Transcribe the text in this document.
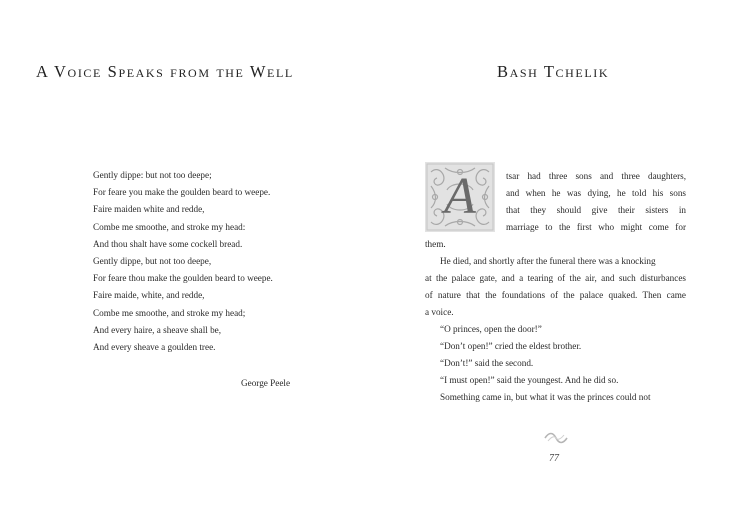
A Voice Speaks from the Well
Gently dippe: but not too deepe;
For feare you make the goulden beard to weepe.
Faire maiden white and redde,
Combe me smoothe, and stroke my head:
And thou shalt have some cockell bread.
Gently dippe, but not too deepe,
For feare thou make the goulden beard to weepe.
Faire maide, white, and redde,
Combe me smoothe, and stroke my head;
And every haire, a sheave shall be,
And every sheave a goulden tree.
George Peele
Bash Tchelik
A	tsar had three sons and three daughters,
and when he was dying, he told his sons
that they should give their sisters in
marriage to the first who might come for
them.
He died, and shortly after the funeral there was a knocking
at the palace gate, and a tearing of the air, and such disturbances
of nature that the foundations of the palace quaked. Then came
a voice.
“O princes, open the door!”
“Don’t open!” cried the eldest brother.
“Don’t!” said the second.
“I must open!” said the youngest. And he did so.
Something came in, but what it was the princes could not
77
